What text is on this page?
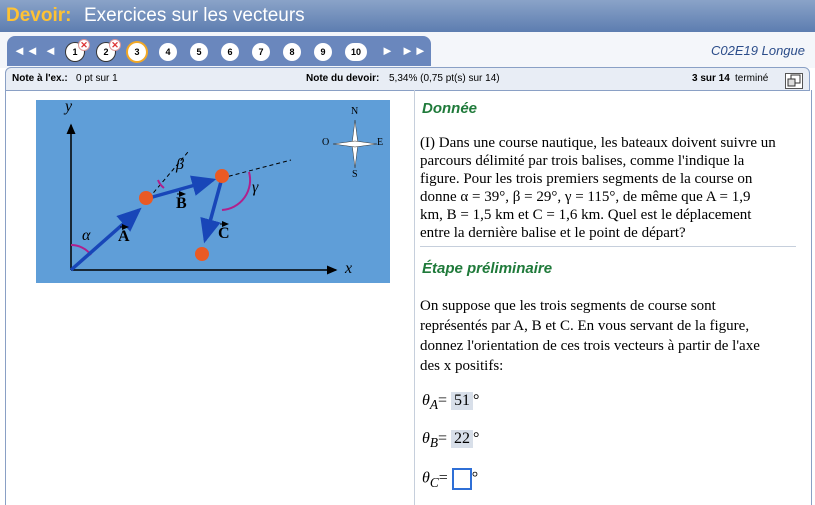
Devoir: Exercices sur les vecteurs
◄◄ ◄	1
✕
2
✕
3	4	5	6	7	8	9	10	► ►►	C02E19 Longue
Note à l'ex.: 0 pt sur 1	Note du devoir: 5,34% (0,75 pt(s) sur 14)	3 sur 14 terminé
y
x
α
β
γ
A
B
C
N
S
E
O
Donnée
(I) Dans une course nautique, les bateaux doivent suivre un
parcours délimité par trois balises, comme l'indique la
figure. Pour les trois premiers segments de la course on
donne α = 39°, β = 29°, γ = 115°, de même que A = 1,9
km, B = 1,5 km et C = 1,6 km. Quel est le déplacement
entre la dernière balise et le point de départ?
Étape préliminaire
On suppose que les trois segments de course sont
représentés par A, B et C. En vous servant de la figure,
donnez l'orientation de ces trois vecteurs à partir de l'axe
des x positifs:
$\theta_A= 51$ °
$\theta_B= 22$ °
$\theta_C=$ °
